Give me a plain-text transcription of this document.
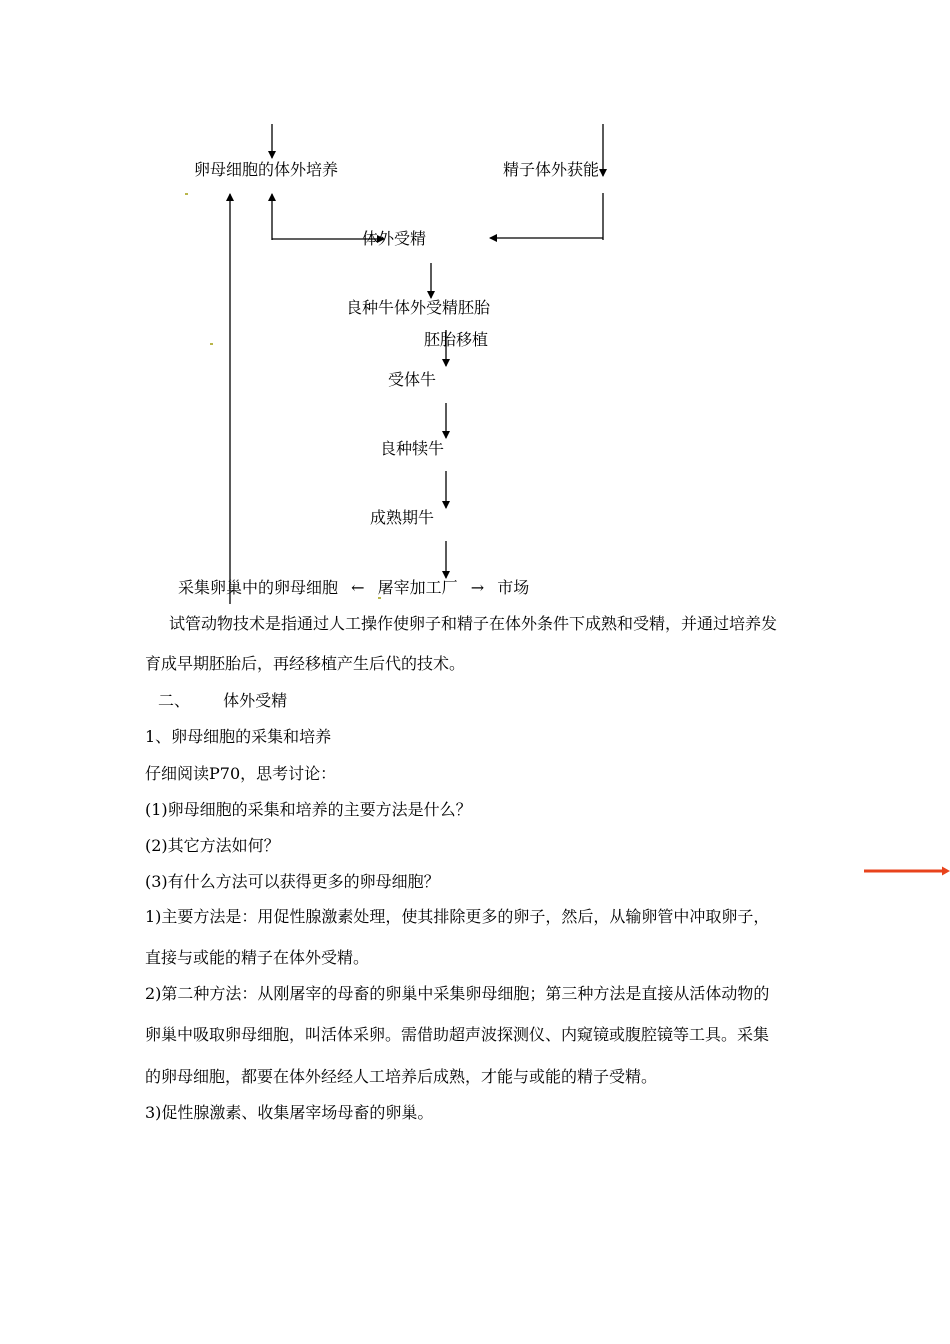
卵母细胞的体外培养	精子体外获能
体外受精
良种牛体外受精胚胎
胚胎移植
受体牛
良种犊牛
成熟期牛
采集卵巢中的卵母细胞 ← 屠宰加工厂 → 市场
试管动物技术是指通过人工操作使卵子和精子在体外条件下成熟和受精，并通过培养发
育成早期胚胎后，再经移植产生后代的技术。
二、 体外受精
1、卵母细胞的采集和培养
仔细阅读P70，思考讨论：
(1)卵母细胞的采集和培养的主要方法是什么？
(2)其它方法如何？
(3)有什么方法可以获得更多的卵母细胞？
1)主要方法是：用促性腺激素处理，使其排除更多的卵子，然后，从输卵管中冲取卵子，
直接与或能的精子在体外受精。
2)第二种方法：从刚屠宰的母畜的卵巢中采集卵母细胞；第三种方法是直接从活体动物的
卵巢中吸取卵母细胞，叫活体采卵。需借助超声波探测仪、内窥镜或腹腔镜等工具。采集
的卵母细胞，都要在体外经经人工培养后成熟，才能与或能的精子受精。
3)促性腺激素、收集屠宰场母畜的卵巢。
